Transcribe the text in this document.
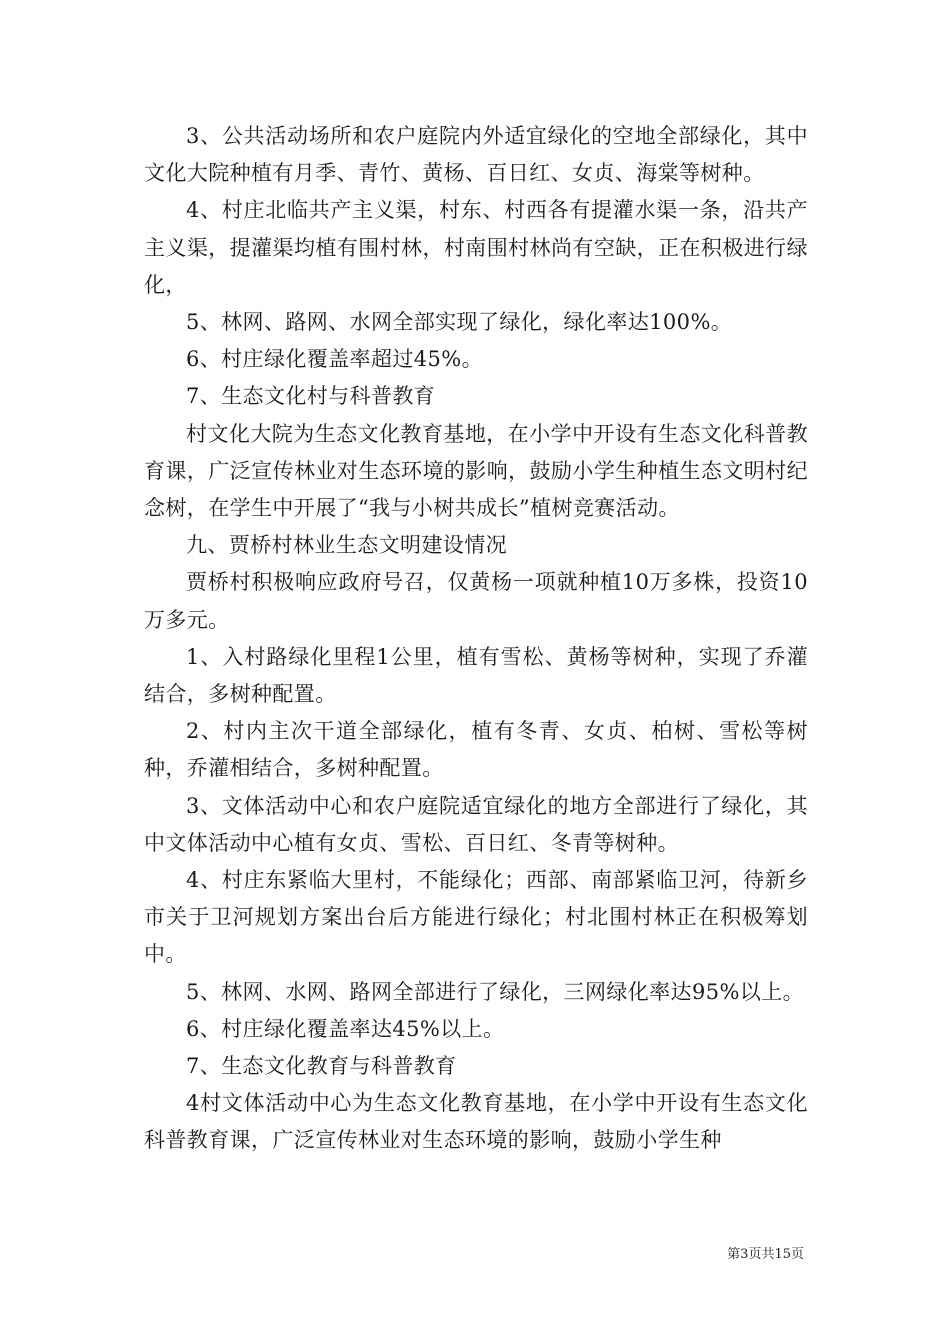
3、公共活动场所和农户庭院内外适宜绿化的空地全部绿化，其中文化大院种植有月季、青竹、黄杨、百日红、女贞、海棠等树种。

4、村庄北临共产主义渠，村东、村西各有提灌水渠一条，沿共产主义渠，提灌渠均植有围村林，村南围村林尚有空缺，正在积极进行绿化，

5、林网、路网、水网全部实现了绿化，绿化率达100%。

6、村庄绿化覆盖率超过45%。

7、生态文化村与科普教育

村文化大院为生态文化教育基地，在小学中开设有生态文化科普教育课，广泛宣传林业对生态环境的影响，鼓励小学生种植生态文明村纪念树，在学生中开展了“我与小树共成长”植树竞赛活动。

九、贾桥村林业生态文明建设情况

贾桥村积极响应政府号召，仅黄杨一项就种植10万多株，投资10万多元。

1、入村路绿化里程1公里，植有雪松、黄杨等树种，实现了乔灌结合，多树种配置。

2、村内主次干道全部绿化，植有冬青、女贞、柏树、雪松等树种，乔灌相结合，多树种配置。

3、文体活动中心和农户庭院适宜绿化的地方全部进行了绿化，其中文体活动中心植有女贞、雪松、百日红、冬青等树种。

4、村庄东紧临大里村，不能绿化；西部、南部紧临卫河，待新乡市关于卫河规划方案出台后方能进行绿化；村北围村林正在积极筹划中。

5、林网、水网、路网全部进行了绿化，三网绿化率达95%以上。

6、村庄绿化覆盖率达45%以上。

7、生态文化教育与科普教育

4村文体活动中心为生态文化教育基地，在小学中开设有生态文化科普教育课，广泛宣传林业对生态环境的影响，鼓励小学生种

第3页共15页
